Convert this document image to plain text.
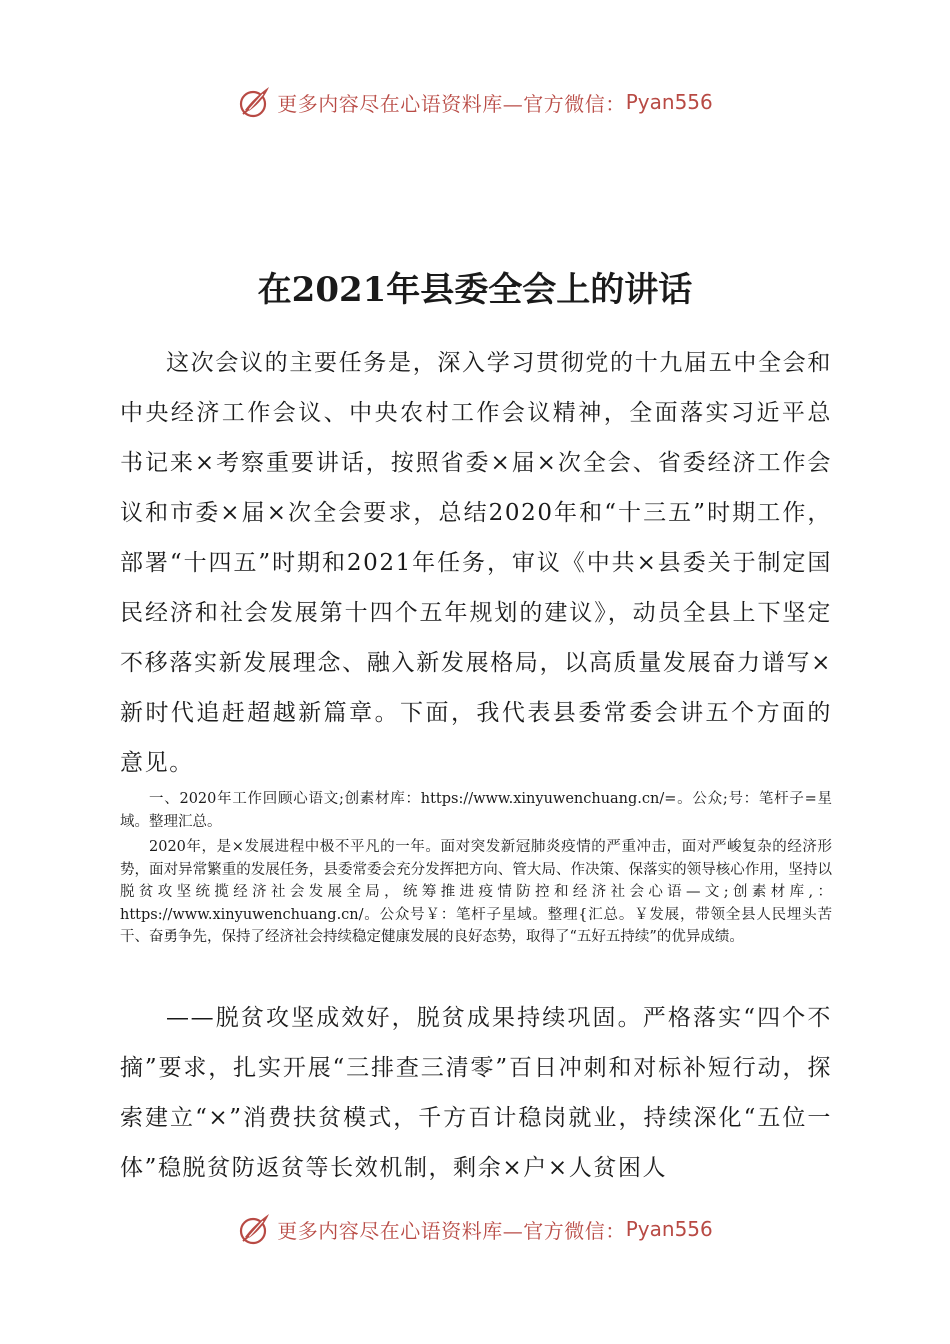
更多内容尽在心语资料库—官方微信： Pyan556
在2021年县委全会上的讲话

这次会议的主要任务是，深入学习贯彻党的十九届五中全会和中央经济工作会议、中央农村工作会议精神，全面落实习近平总书记来×考察重要讲话，按照省委×届×次全会、省委经济工作会议和市委×届×次全会要求，总结2020年和“十三五”时期工作，部署“十四五”时期和2021年任务，审议《中共×县委关于制定国民经济和社会发展第十四个五年规划的建议》，动员全县上下坚定不移落实新发展理念、融入新发展格局，以高质量发展奋力谱写×新时代追赶超越新篇章。下面，我代表县委常委会讲五个方面的意见。

一、2020年工作回顾心语文;创素材库：https://www.xinyuwenchuang.cn/=。公众;号：笔杆子=星域。整理汇总。

2020年，是×发展进程中极不平凡的一年。面对突发新冠肺炎疫情的严重冲击，面对严峻复杂的经济形势，面对异常繁重的发展任务，县委常委会充分发挥把方向、管大局、作决策、保落实的领导核心作用，坚持以脱贫攻坚统揽经济社会发展全局，统筹推进疫情防控和经济社会心语—文;创素材库,：https://www.xinyuwenchuang.cn/。公众号￥：笔杆子星域。整理{汇总。￥发展，带领全县人民埋头苦干、奋勇争先，保持了经济社会持续稳定健康发展的良好态势，取得了“五好五持续”的优异成绩。

——脱贫攻坚成效好，脱贫成果持续巩固。严格落实“四个不摘”要求，扎实开展“三排查三清零”百日冲刺和对标补短行动，探索建立“×”消费扶贫模式，千方百计稳岗就业，持续深化“五位一体”稳脱贫防返贫等长效机制，剩余×户×人贫困人

更多内容尽在心语资料库—官方微信： Pyan556
